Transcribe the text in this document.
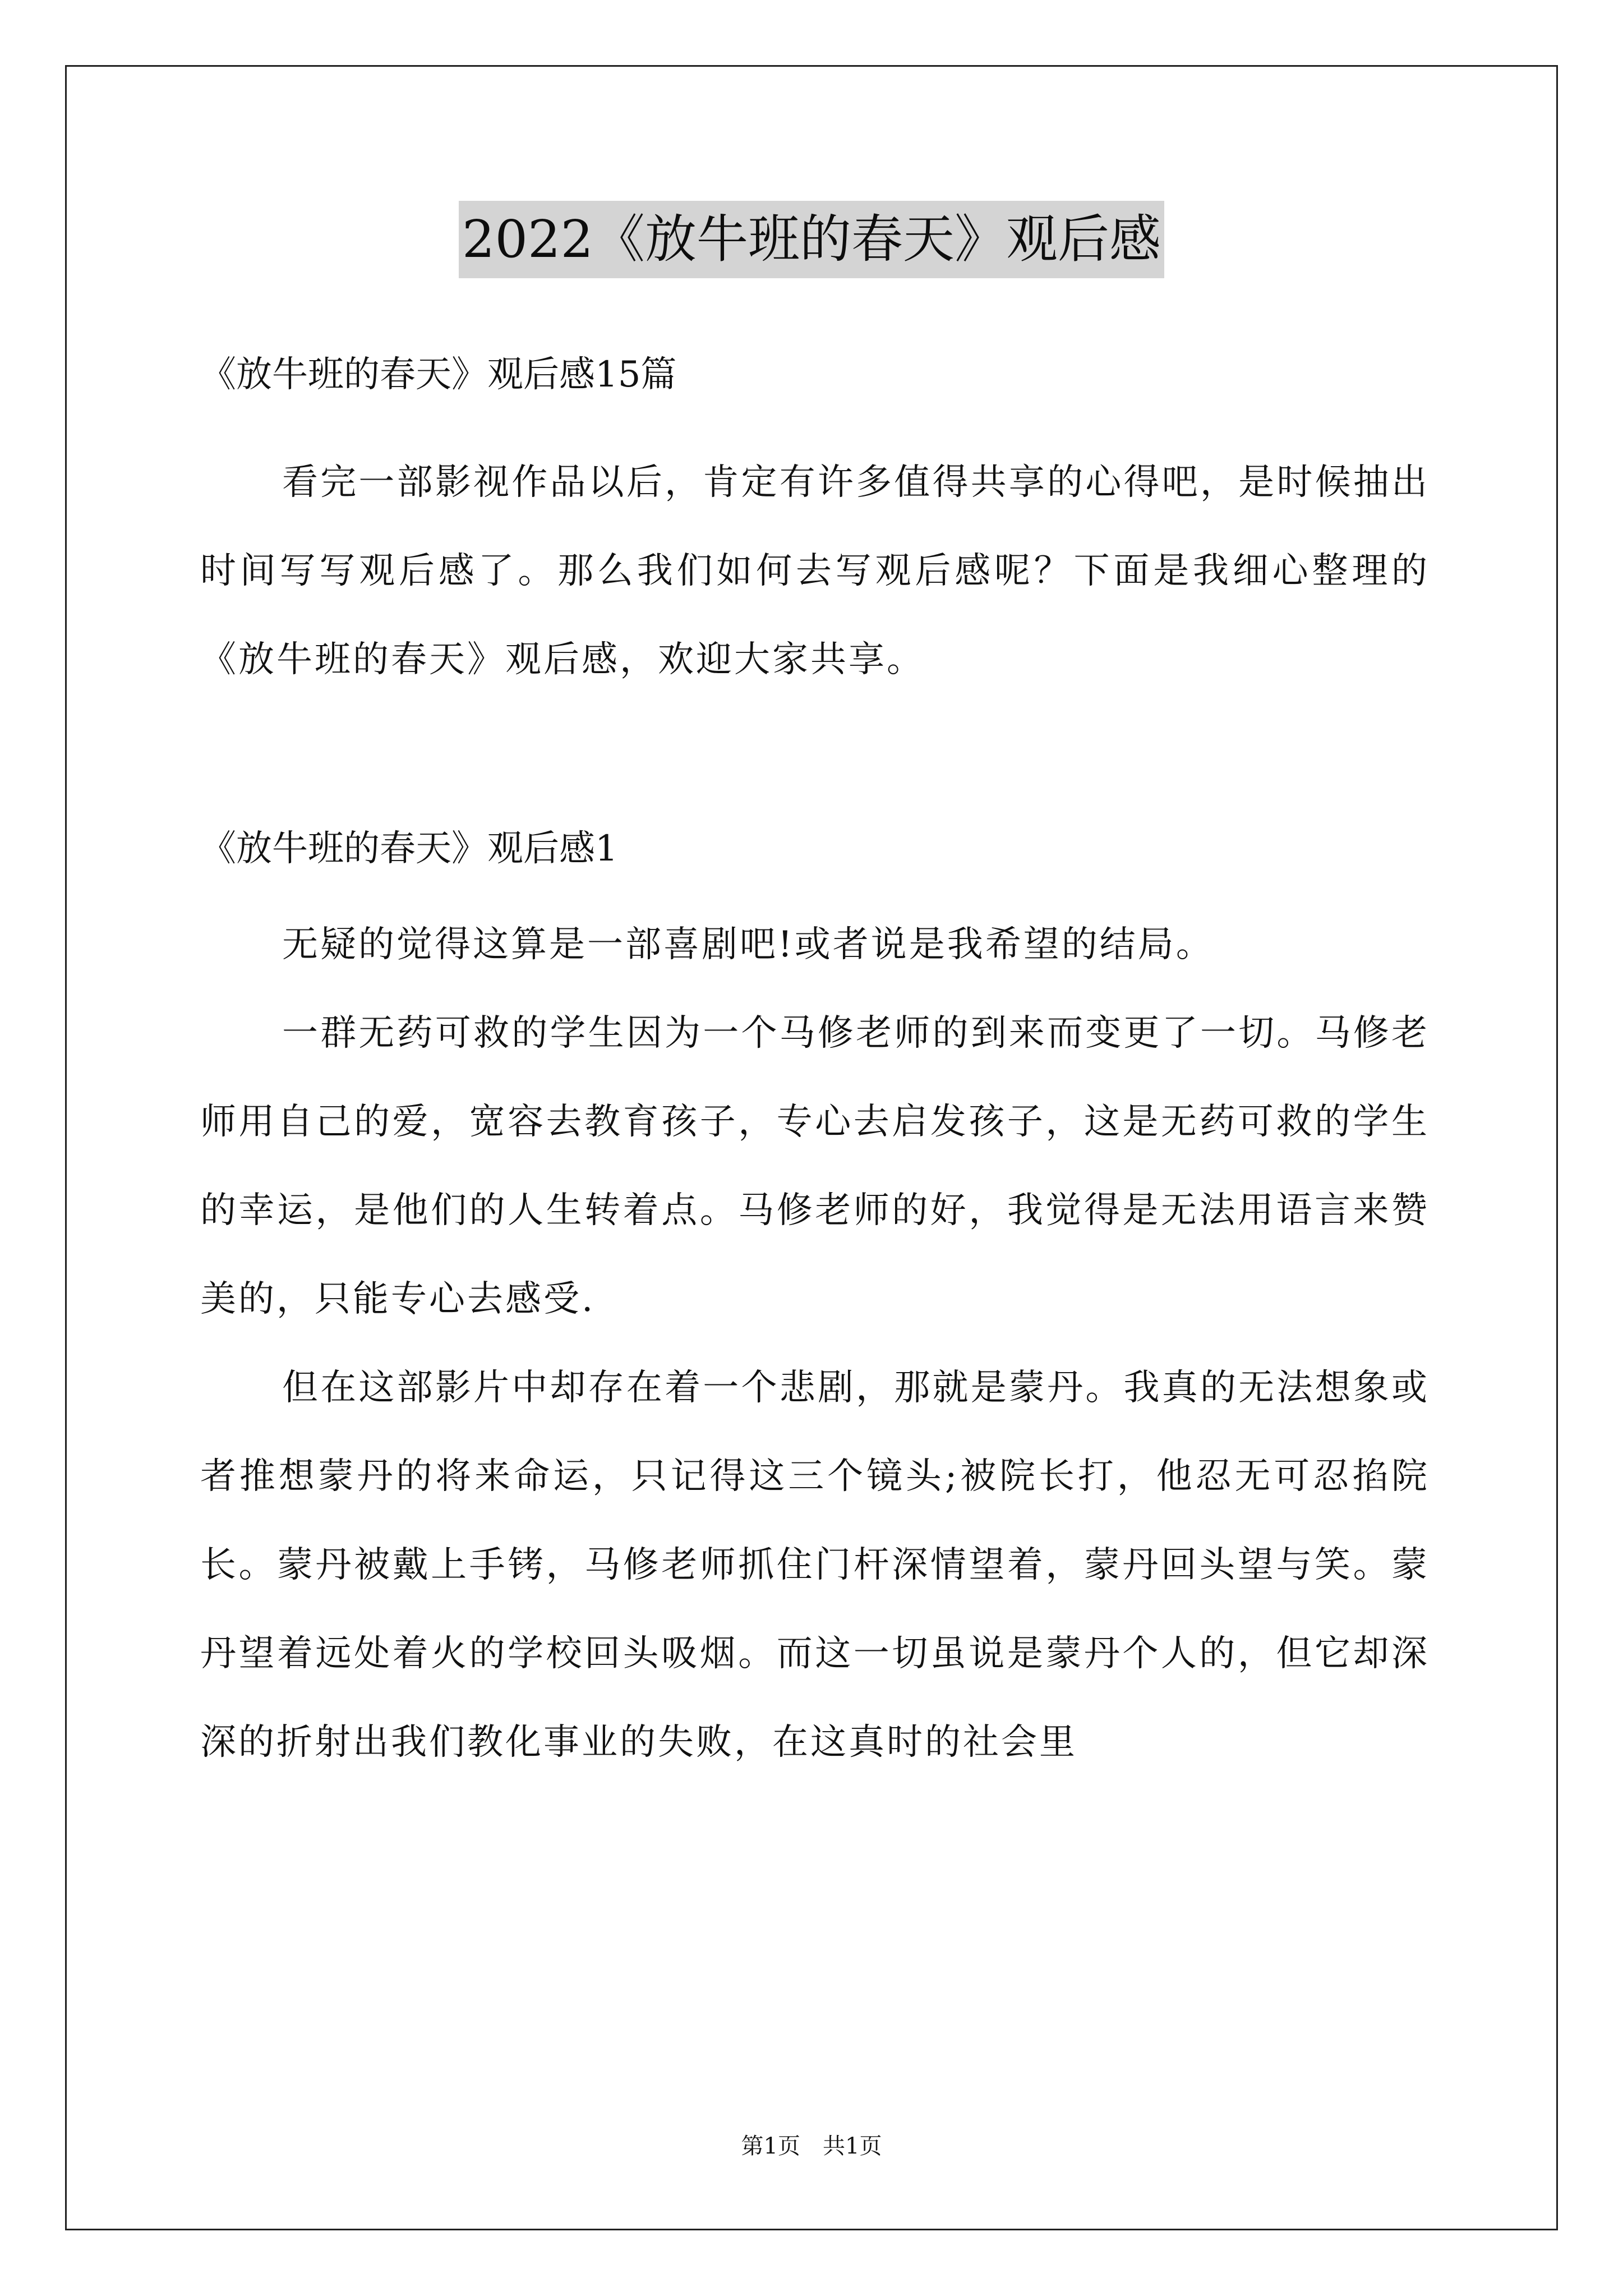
2022《放牛班的春天》观后感

《放牛班的春天》观后感15篇

看完一部影视作品以后，肯定有许多值得共享的心得吧，是时候抽出时间写写观后感了。那么我们如何去写观后感呢？下面是我细心整理的《放牛班的春天》观后感，欢迎大家共享。

《放牛班的春天》观后感1

无疑的觉得这算是一部喜剧吧!或者说是我希望的结局。

一群无药可救的学生因为一个马修老师的到来而变更了一切。马修老师用自己的爱，宽容去教育孩子，专心去启发孩子，这是无药可救的学生的幸运，是他们的人生转着点。马修老师的好，我觉得是无法用语言来赞美的，只能专心去感受.

但在这部影片中却存在着一个悲剧，那就是蒙丹。我真的无法想象或者推想蒙丹的将来命运，只记得这三个镜头;被院长打，他忍无可忍掐院长。蒙丹被戴上手铐，马修老师抓住门杆深情望着，蒙丹回头望与笑。蒙丹望着远处着火的学校回头吸烟。而这一切虽说是蒙丹个人的，但它却深深的折射出我们教化事业的失败，在这真时的社会里

第1页　共1页
